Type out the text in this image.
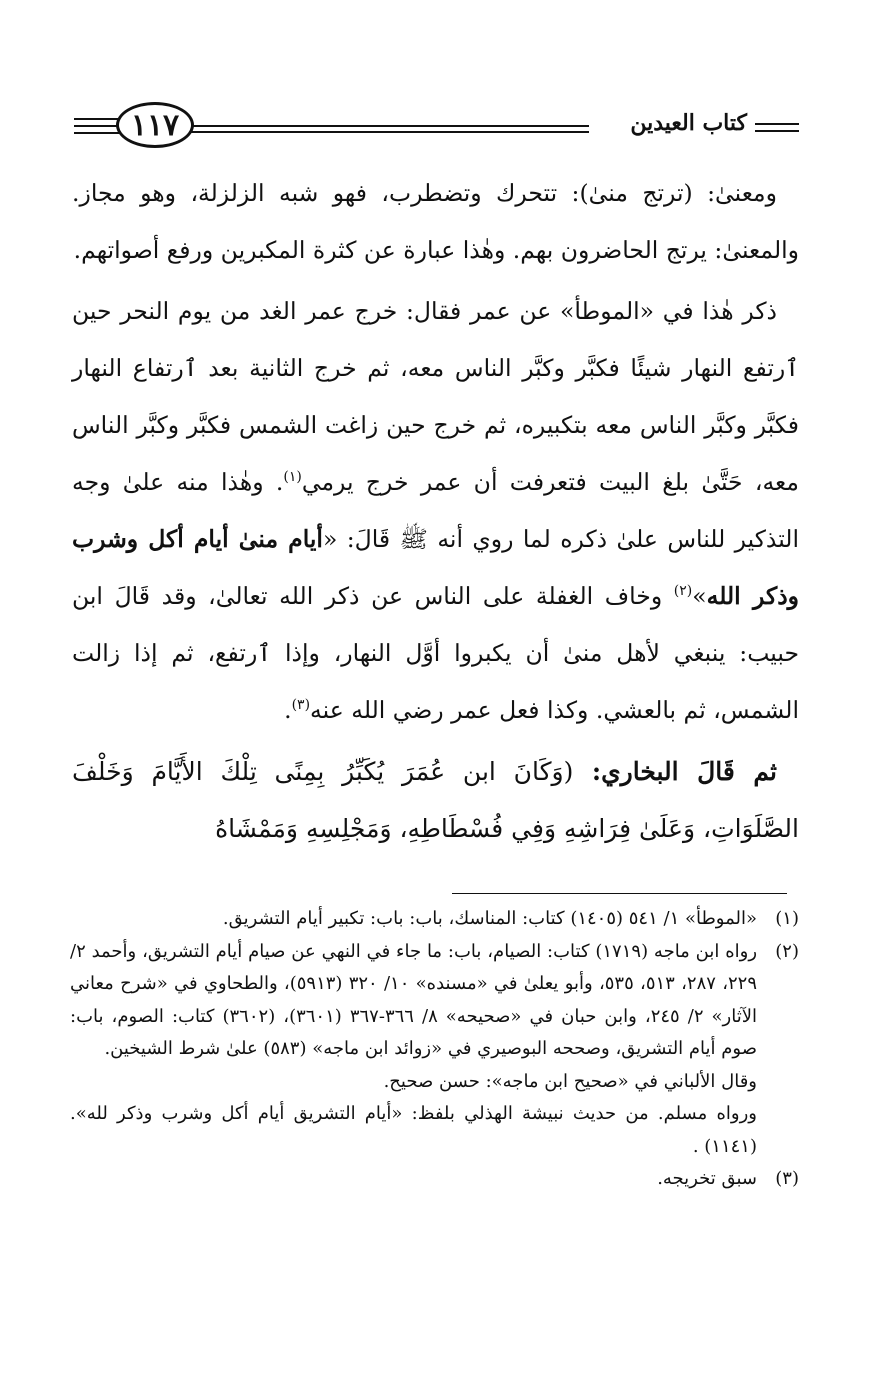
١١٧	كتاب العيدين

ومعنىٰ: (ترتج منىٰ): تتحرك وتضطرب، فهو شبه الزلزلة، وهو مجاز. والمعنىٰ: يرتج الحاضرون بهم. وهٰذا عبارة عن كثرة المكبرين ورفع أصواتهم.

ذكر هٰذا في «الموطأ» عن عمر فقال: خرج عمر الغد من يوم النحر حين ٱرتفع النهار شيئًا فكبَّر وكبَّر الناس معه، ثم خرج الثانية بعد ٱرتفاع النهار فكبَّر وكبَّر الناس معه بتكبيره، ثم خرج حين زاغت الشمس فكبَّر وكبَّر الناس معه، حَتَّىٰ بلغ البيت فتعرفت أن عمر خرج يرمي$^{(١)}$. وهٰذا منه علىٰ وجه التذكير للناس علىٰ ذكره لما روي أنه ﷺ قَالَ: «أيام منىٰ أيام أكل وشرب وذكر الله»$^{(٢)}$ وخاف الغفلة على الناس عن ذكر الله تعالىٰ، وقد قَالَ ابن حبيب: ينبغي لأهل منىٰ أن يكبروا أوَّل النهار، وإذا ٱرتفع، ثم إذا زالت الشمس، ثم بالعشي. وكذا فعل عمر رضي الله عنه$^{(٣)}$.

ثم قَالَ البخاري: (وَكَانَ ابن عُمَرَ يُكَبِّرُ بِمِنًى تِلْكَ الأَيَّامَ وَخَلْفَ الصَّلَوَاتِ، وَعَلَىٰ فِرَاشِهِ وَفِي فُسْطَاطِهِ، وَمَجْلِسِهِ وَمَمْشَاهُ

(١)
«الموطأ» ١/ ٥٤١ (١٤٠٥) كتاب: المناسك، باب: باب: تكبير أيام التشريق.
(٢)
رواه ابن ماجه (١٧١٩) كتاب: الصيام، باب: ما جاء في النهي عن صيام أيام التشريق، وأحمد ٢/ ٢٢٩، ٢٨٧، ٥١٣، ٥٣٥، وأبو يعلىٰ في «مسنده» ١٠/ ٣٢٠ (٥٩١٣)، والطحاوي في «شرح معاني الآثار» ٢/ ٢٤٥، وابن حبان في «صحيحه» ٨/ ٣٦٦-٣٦٧ (٣٦٠١)، (٣٦٠٢) كتاب: الصوم، باب: صوم أيام التشريق، وصححه البوصيري في «زوائد ابن ماجه» (٥٨٣) علىٰ شرط الشيخين.
وقال الألباني في «صحيح ابن ماجه»: حسن صحيح.
ورواه مسلم. من حديث نبيشة الهذلي بلفظ: «أيام التشريق أيام أكل وشرب وذكر لله». (١١٤١) .
(٣)
سبق تخريجه.
